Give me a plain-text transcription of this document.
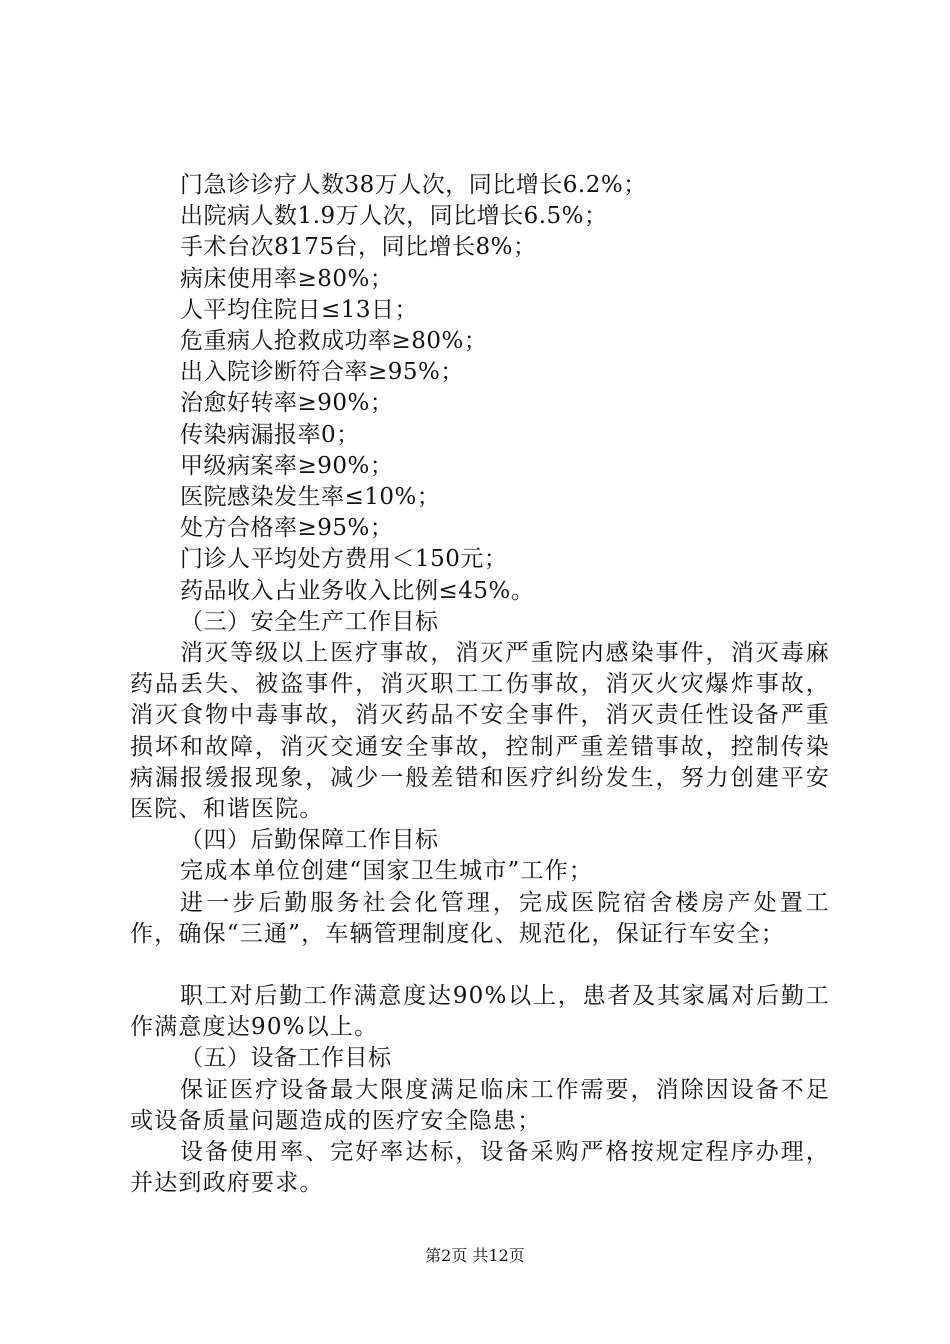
门急诊诊疗人数38万人次，同比增长6.2%；

出院病人数1.9万人次，同比增长6.5%；

手术台次8175台，同比增长8%；

病床使用率≥80%；

人平均住院日≤13日；

危重病人抢救成功率≥80%；

出入院诊断符合率≥95%；

治愈好转率≥90%；

传染病漏报率0；

甲级病案率≥90%；

医院感染发生率≤10%；

处方合格率≥95%；

门诊人平均处方费用＜150元；

药品收入占业务收入比例≤45%。

（三）安全生产工作目标

消灭等级以上医疗事故，消灭严重院内感染事件，消灭毒麻药品丢失、被盗事件，消灭职工工伤事故，消灭火灾爆炸事故，消灭食物中毒事故，消灭药品不安全事件，消灭责任性设备严重损坏和故障，消灭交通安全事故，控制严重差错事故，控制传染病漏报缓报现象，减少一般差错和医疗纠纷发生，努力创建平安医院、和谐医院。

（四）后勤保障工作目标

完成本单位创建“国家卫生城市”工作；

进一步后勤服务社会化管理，完成医院宿舍楼房产处置工作，确保“三通”，车辆管理制度化、规范化，保证行车安全；

职工对后勤工作满意度达90%以上，患者及其家属对后勤工作满意度达90%以上。

（五）设备工作目标

保证医疗设备最大限度满足临床工作需要，消除因设备不足或设备质量问题造成的医疗安全隐患；

设备使用率、完好率达标，设备采购严格按规定程序办理，并达到政府要求。

第2页 共12页
